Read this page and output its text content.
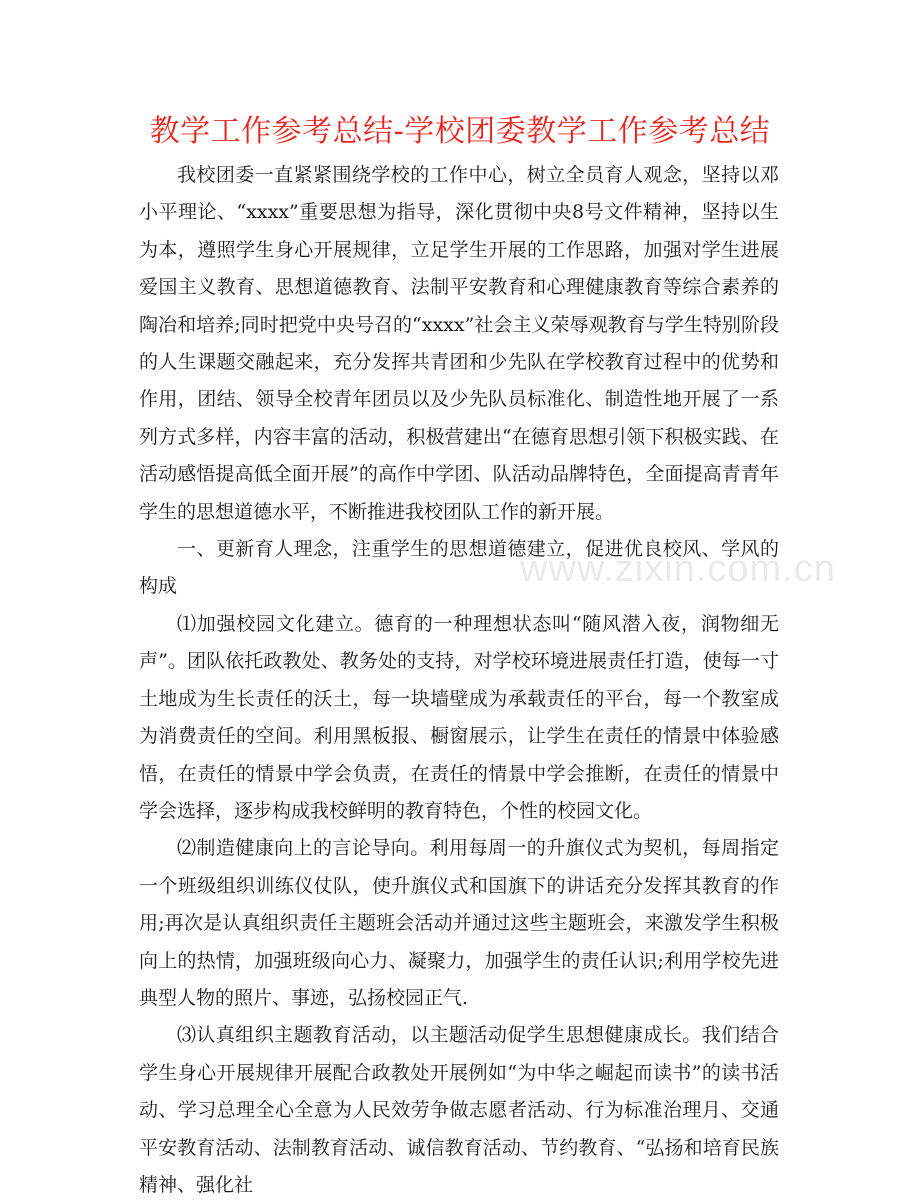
教学工作参考总结-学校团委教学工作参考总结

我校团委一直紧紧围绕学校的工作中心，树立全员育人观念，坚持以邓小平理论、“xxxx”重要思想为指导，深化贯彻中央8号文件精神，坚持以生为本，遵照学生身心开展规律，立足学生开展的工作思路，加强对学生进展爱国主义教育、思想道德教育、法制平安教育和心理健康教育等综合素养的陶冶和培养;同时把党中央号召的“xxxx”社会主义荣辱观教育与学生特别阶段的人生课题交融起来，充分发挥共青团和少先队在学校教育过程中的优势和作用，团结、领导全校青年团员以及少先队员标准化、制造性地开展了一系列方式多样，内容丰富的活动，积极营建出“在德育思想引领下积极实践、在活动感悟提高低全面开展”的高作中学团、队活动品牌特色，全面提高青青年学生的思想道德水平，不断推进我校团队工作的新开展。

一、更新育人理念，注重学生的思想道德建立，促进优良校风、学风的构成

⑴加强校园文化建立。德育的一种理想状态叫“随风潜入夜，润物细无声”。团队依托政教处、教务处的支持，对学校环境进展责任打造，使每一寸土地成为生长责任的沃土，每一块墙壁成为承载责任的平台，每一个教室成为消费责任的空间。利用黑板报、橱窗展示，让学生在责任的情景中体验感悟，在责任的情景中学会负责，在责任的情景中学会推断，在责任的情景中学会选择，逐步构成我校鲜明的教育特色，个性的校园文化。

⑵制造健康向上的言论导向。利用每周一的升旗仪式为契机，每周指定一个班级组织训练仪仗队，使升旗仪式和国旗下的讲话充分发挥其教育的作用;再次是认真组织责任主题班会活动并通过这些主题班会，来激发学生积极向上的热情，加强班级向心力、凝聚力，加强学生的责任认识;利用学校先进典型人物的照片、事迹，弘扬校园正气.

⑶认真组织主题教育活动，以主题活动促学生思想健康成长。我们结合学生身心开展规律开展配合政教处开展例如“为中华之崛起而读书”的读书活动、学习总理全心全意为人民效劳争做志愿者活动、行为标准治理月、交通平安教育活动、法制教育活动、诚信教育活动、节约教育、“弘扬和培育民族精神、强化社

www.zixin.com.cn
